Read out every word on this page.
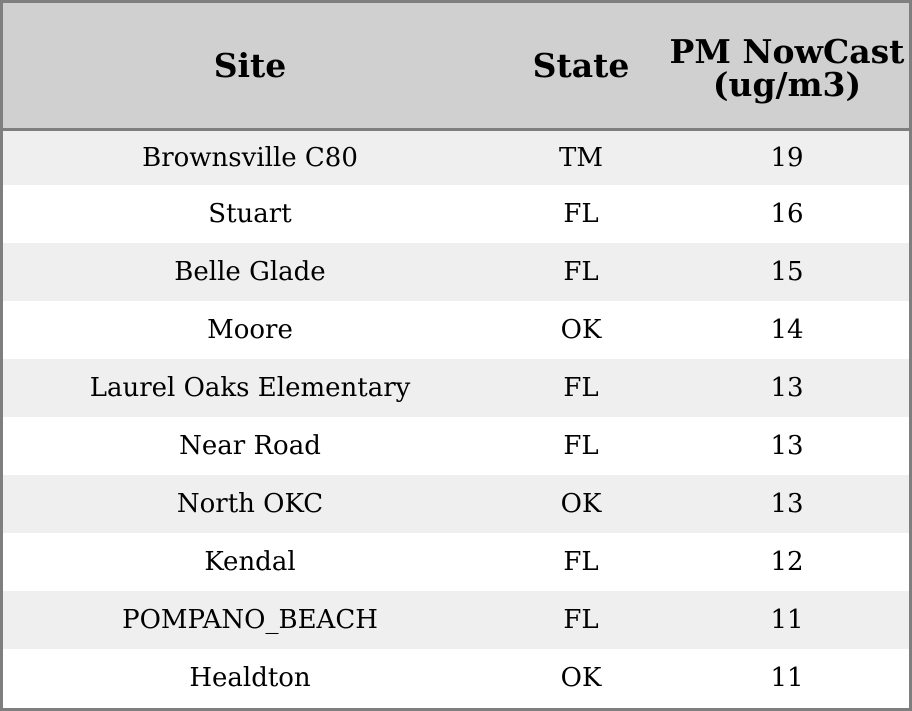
Site	State	PM NowCast (ug/m3)
Brownsville C80	TM	19
Stuart	FL	16
Belle Glade	FL	15
Moore	OK	14
Laurel Oaks Elementary	FL	13
Near Road	FL	13
North OKC	OK	13
Kendal	FL	12
POMPANO_BEACH	FL	11
Healdton	OK	11
